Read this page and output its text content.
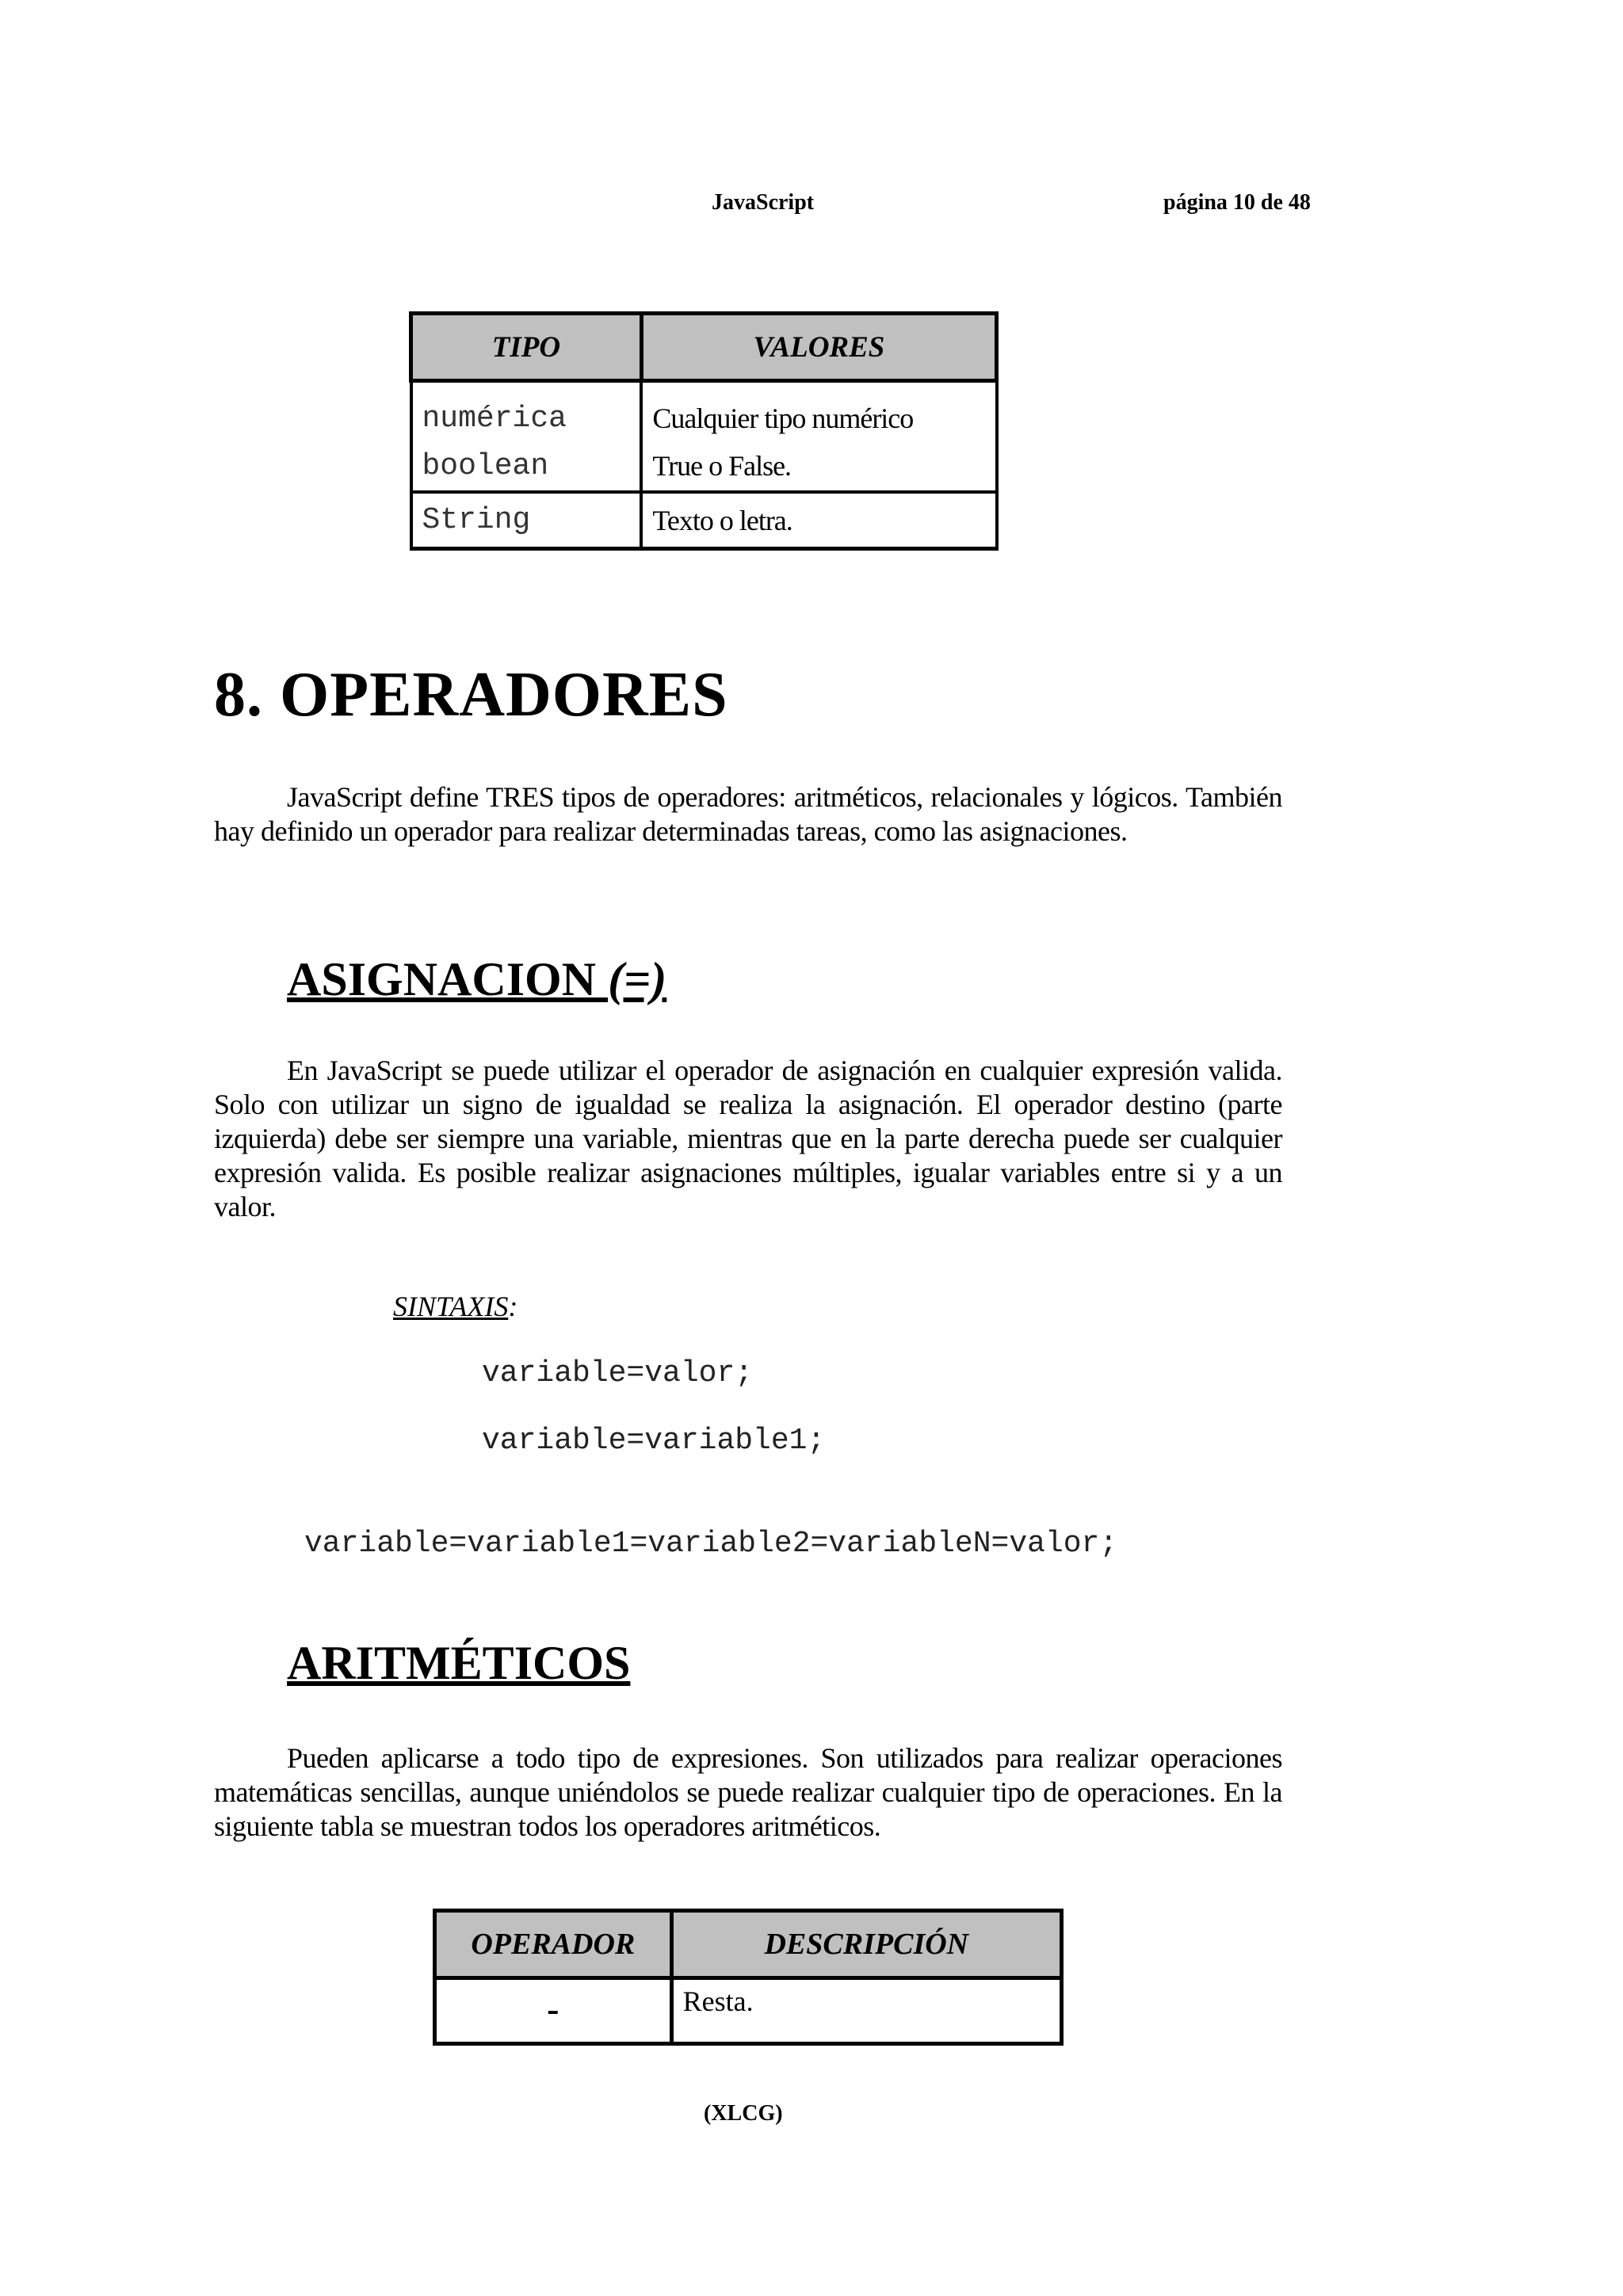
JavaScript	página 10 de 48
TIPO	VALORES
numérica	Cualquier tipo numérico
boolean	True o False.
String	Texto o letra.
8. OPERADORES

JavaScript define TRES tipos de operadores: aritméticos, relacionales y lógicos. También hay definido un operador para realizar determinadas tareas, como las asignaciones.

ASIGNACION (=)

En JavaScript se puede utilizar el operador de asignación en cualquier expresión valida. Solo con utilizar un signo de igualdad se realiza la asignación. El operador destino (parte izquierda) debe ser siempre una variable, mientras que en la parte derecha puede ser cualquier expresión valida. Es posible realizar asignaciones múltiples, igualar variables entre si y a un valor.

SINTAXIS:
variable=valor;
variable=variable1;
variable=variable1=variable2=variableN=valor;
ARITMÉTICOS

Pueden aplicarse a todo tipo de expresiones. Son utilizados para realizar operaciones matemáticas sencillas, aunque uniéndolos se puede realizar cualquier tipo de operaciones. En la siguiente tabla se muestran todos los operadores aritméticos.

OPERADOR	DESCRIPCIÓN
-	Resta.
(XLCG)
